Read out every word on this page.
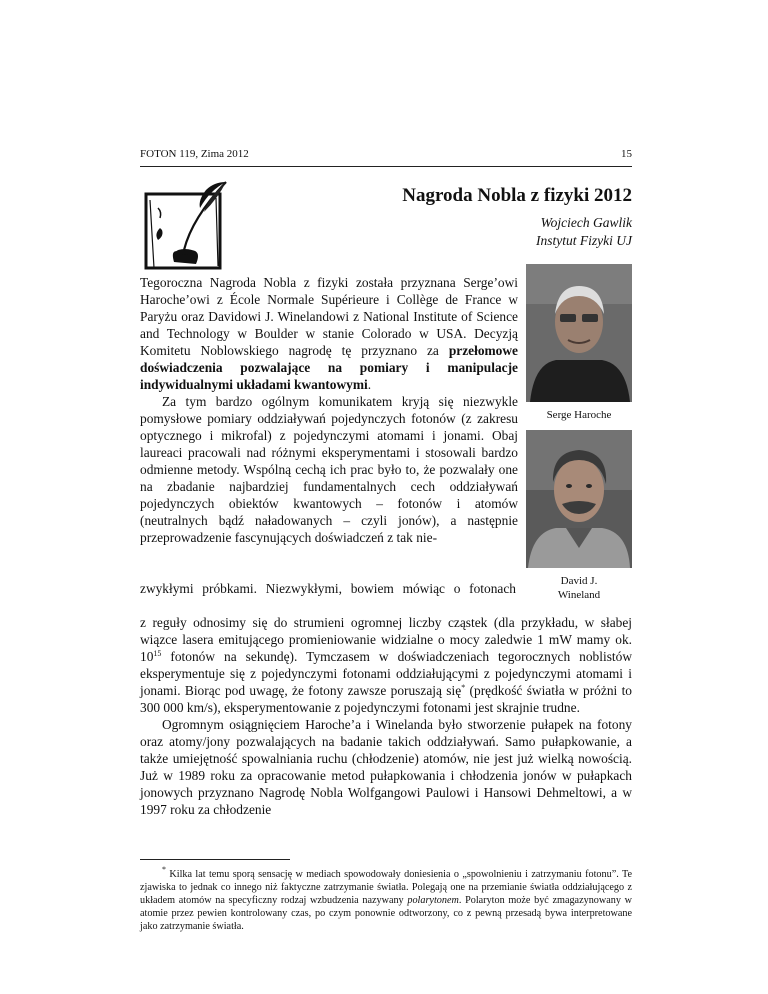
FOTON 119, Zima 2012	15
Nagroda Nobla z fizyki 2012
Wojciech Gawlik
Instytut Fizyki UJ
Serge Haroche
David J.
Wineland

Tegoroczna Nagroda Nobla z fizyki została przyznana Serge’owi Haroche’owi z École Normale Supérieure i Collège de France w Paryżu oraz Davidowi J. Winelandowi z National Institute of Science and Technology w Boulder w stanie Colorado w USA. Decyzją Komitetu Noblowskiego nagrodę tę przyznano za przełomowe doświadczenia pozwalające na pomiary i manipulacje indywidualnymi układami kwantowymi.

Za tym bardzo ogólnym komunikatem kryją się niezwykle pomysłowe pomiary oddziaływań pojedynczych fotonów (z zakresu optycznego i mikrofal) z pojedynczymi atomami i jonami. Obaj laureaci pracowali nad różnymi eksperymentami i stosowali bardzo odmienne metody. Wspólną cechą ich prac było to, że pozwalały one na zbadanie najbardziej fundamentalnych cech oddziaływań pojedynczych obiektów kwantowych – fotonów i atomów (neutralnych bądź naładowanych – czyli jonów), a następnie przeprowadzenie fascynujących doświadczeń z tak nie-

zwykłymi próbkami. Niezwykłymi, bowiem mówiąc o fotonach

z reguły odnosimy się do strumieni ogromnej liczby cząstek (dla przykładu, w słabej wiązce lasera emitującego promieniowanie widzialne o mocy zaledwie 1 mW mamy ok. $10^{15}$ fotonów na sekundę). Tymczasem w doświadczeniach tegorocznych noblistów eksperymentuje się z pojedynczymi fotonami oddziałującymi z pojedynczymi atomami i jonami. Biorąc pod uwagę, że fotony zawsze poruszają się* (prędkość światła w próżni to 300 000 km/s), eksperymentowanie z pojedynczymi fotonami jest skrajnie trudne.

Ogromnym osiągnięciem Haroche’a i Winelanda było stworzenie pułapek na fotony oraz atomy/jony pozwalających na badanie takich oddziaływań. Samo pułapkowanie, a także umiejętność spowalniania ruchu (chłodzenie) atomów, nie jest już wielką nowością. Już w 1989 roku za opracowanie metod pułapkowania i chłodzenia jonów w pułapkach jonowych przyznano Nagrodę Nobla Wolfgangowi Paulowi i Hansowi Dehmeltowi, a w 1997 roku za chłodzenie

* Kilka lat temu sporą sensację w mediach spowodowały doniesienia o „spowolnieniu i zatrzymaniu fotonu”. Te zjawiska to jednak co innego niż faktyczne zatrzymanie światła. Polegają one na przemianie światła oddziałującego z układem atomów na specyficzny rodzaj wzbudzenia nazywany polarytonem. Polaryton może być zmagazynowany w atomie przez pewien kontrolowany czas, po czym ponownie odtworzony, co z pewną przesadą bywa interpretowane jako zatrzymanie światła.
